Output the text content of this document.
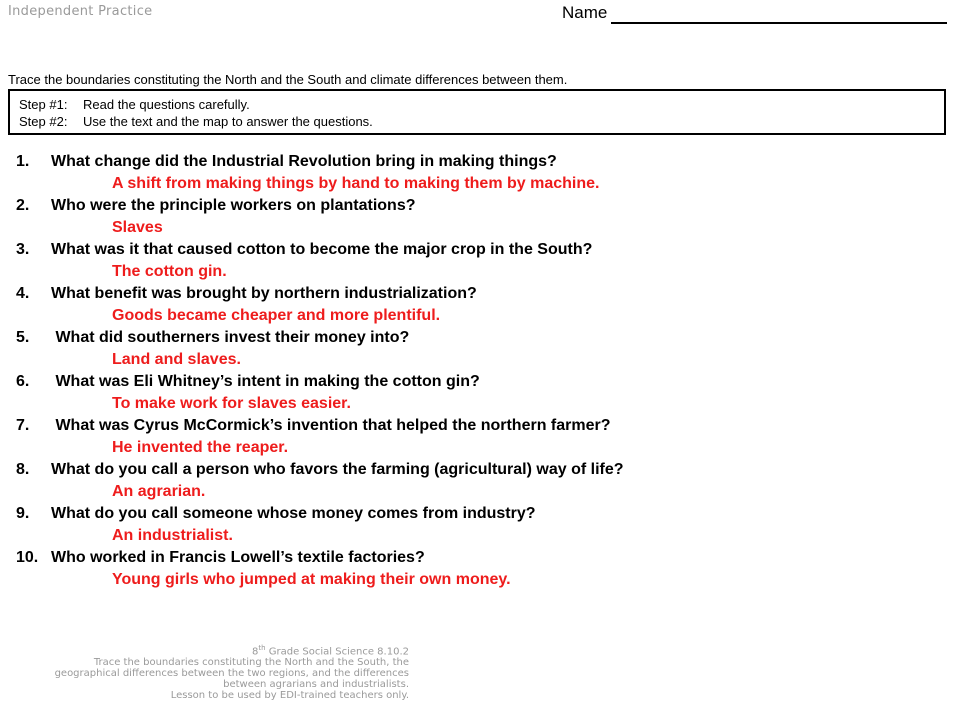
Independent Practice	Name
Trace the boundaries constituting the North and the South and climate differences between them.
Step #1: Read the questions carefully.
Step #2: Use the text and the map to answer the questions.
1. What change did the Industrial Revolution bring in making things?
A shift from making things by hand to making them by machine.
2. Who were the principle workers on plantations?
Slaves
3. What was it that caused cotton to become the major crop in the South?
The cotton gin.
4. What benefit was brought by northern industrialization?
Goods became cheaper and more plentiful.
5. What did southerners invest their money into?
Land and slaves.
6. What was Eli Whitney’s intent in making the cotton gin?
To make work for slaves easier.
7. What was Cyrus McCormick’s invention that helped the northern farmer?
He invented the reaper.
8. What do you call a person who favors the farming (agricultural) way of life?
An agrarian.
9. What do you call someone whose money comes from industry?
An industrialist.
10. Who worked in Francis Lowell’s textile factories?
Young girls who jumped at making their own money.
8th Grade Social Science 8.10.2
Trace the boundaries constituting the North and the South, the
geographical differences between the two regions, and the differences
between agrarians and industrialists.
Lesson to be used by EDI-trained teachers only.
